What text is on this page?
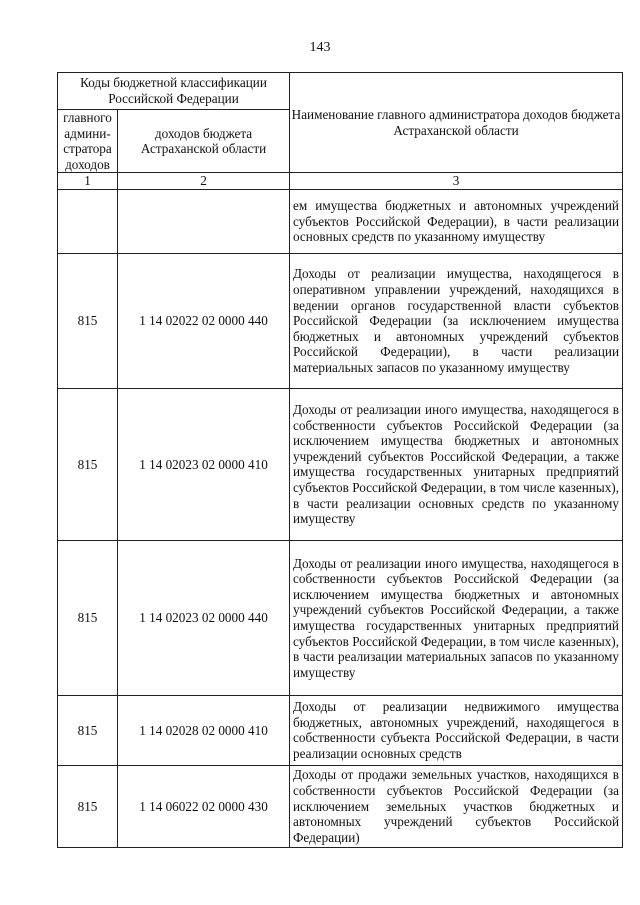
143
Коды бюджетной классификации Российской Федерации		Наименование главного администратора доходов бюджета Астраханской области
главного админи-стратора доходов	доходов бюджета Астраханской области	
1	2	3
		ем имущества бюджетных и автономных учреждений субъектов Российской Федерации), в части реализации основных средств по указанному имуществу
815	1 14 02022 02 0000 440	Доходы от реализации имущества, находящегося в оперативном управлении учреждений, находящихся в ведении органов государственной власти субъектов Российской Федерации (за исключением имущества бюджетных и автономных учреждений субъектов Российской Федерации), в части реализации материальных запасов по указанному имуществу
815	1 14 02023 02 0000 410	Доходы от реализации иного имущества, находящегося в собственности субъектов Российской Федерации (за исключением имущества бюджетных и автономных учреждений субъектов Российской Федерации, а также имущества государственных унитарных предприятий субъектов Российской Федерации, в том числе казенных), в части реализации основных средств по указанному имуществу
815	1 14 02023 02 0000 440	Доходы от реализации иного имущества, находящегося в собственности субъектов Российской Федерации (за исключением имущества бюджетных и автономных учреждений субъектов Российской Федерации, а также имущества государственных унитарных предприятий субъектов Российской Федерации, в том числе казенных), в части реализации материальных запасов по указанному имуществу
815	1 14 02028 02 0000 410	Доходы от реализации недвижимого имущества бюджетных, автономных учреждений, находящегося в собственности субъекта Российской Федерации, в части реализации основных средств
815	1 14 06022 02 0000 430	Доходы от продажи земельных участков, находящихся в собственности субъектов Российской Федерации (за исключением земельных участков бюджетных и автономных учреждений субъектов Российской Федерации)
